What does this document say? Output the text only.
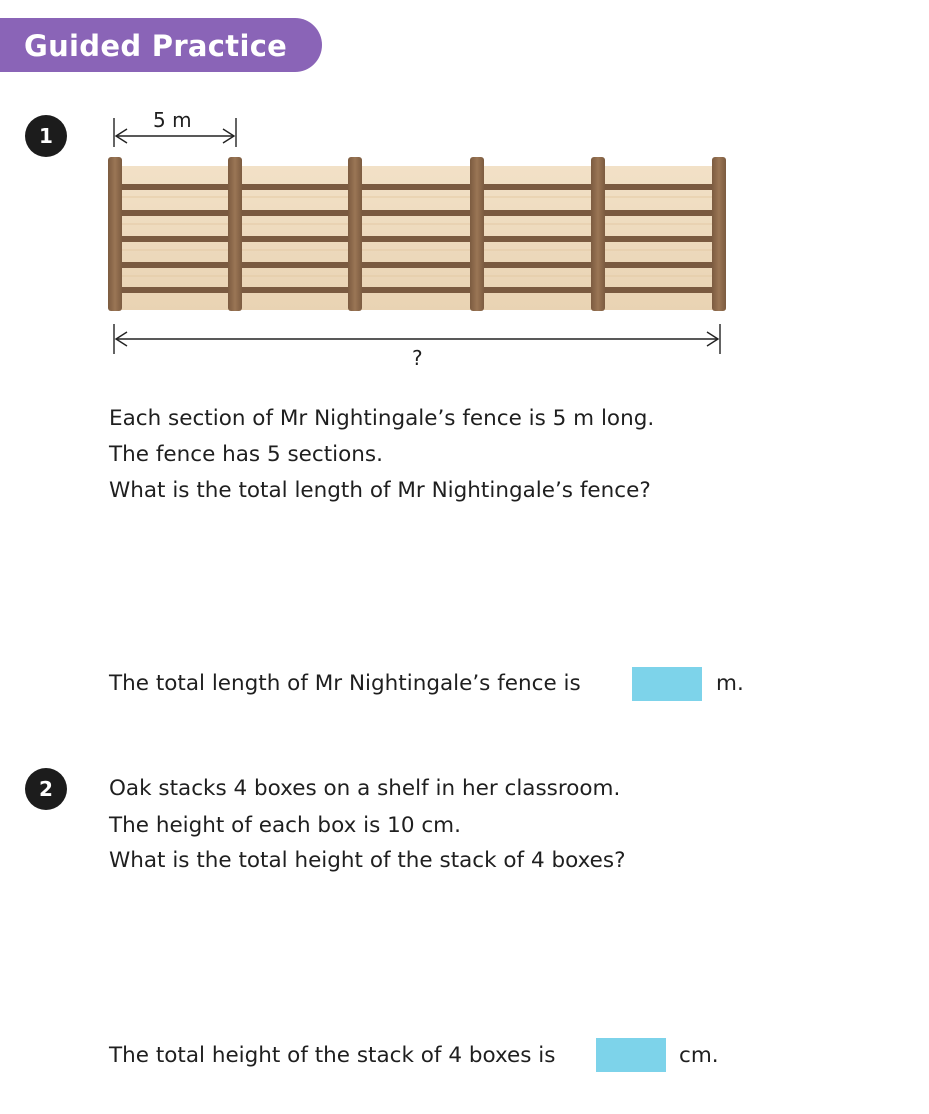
Guided Practice
1
5 m
?
Each section of Mr Nightingale’s fence is 5 m long.
The fence has 5 sections.
What is the total length of Mr Nightingale’s fence?
The total length of Mr Nightingale’s fence is	m.
2	Oak stacks 4 boxes on a shelf in her classroom.
The height of each box is 10 cm.
What is the total height of the stack of 4 boxes?
The total height of the stack of 4 boxes is	cm.
